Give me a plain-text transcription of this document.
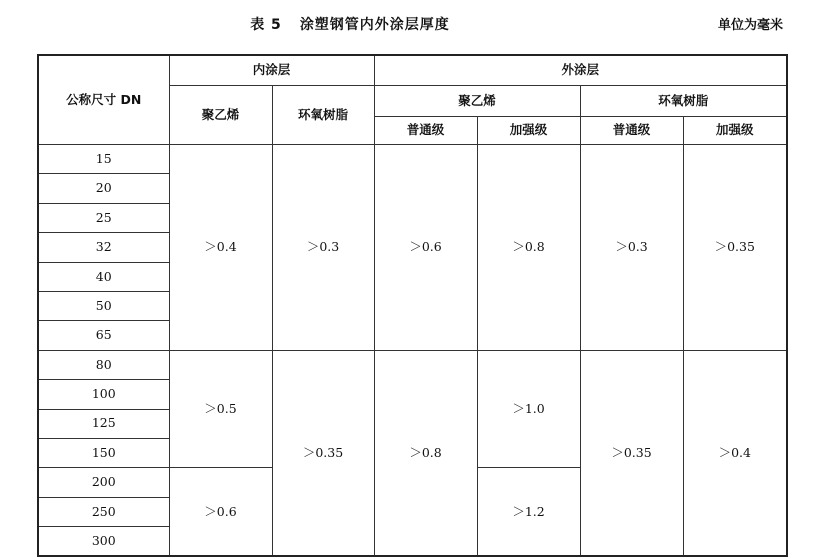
表 5 涂塑钢管内外涂层厚度	单位为毫米
公称尺寸 DN	内涂层		外涂层			
	聚乙烯	环氧树脂	聚乙烯		环氧树脂	
			普通级	加强级	普通级	加强级
15	＞0.4	＞0.3	＞0.6	＞0.8	＞0.3	＞0.35
20						
25						
32						
40						
50						
65						
80	＞0.5	＞0.35	＞0.8	＞1.0	＞0.35	＞0.4
100						
125						
150						
200	＞0.6			＞1.2		
250						
300						
